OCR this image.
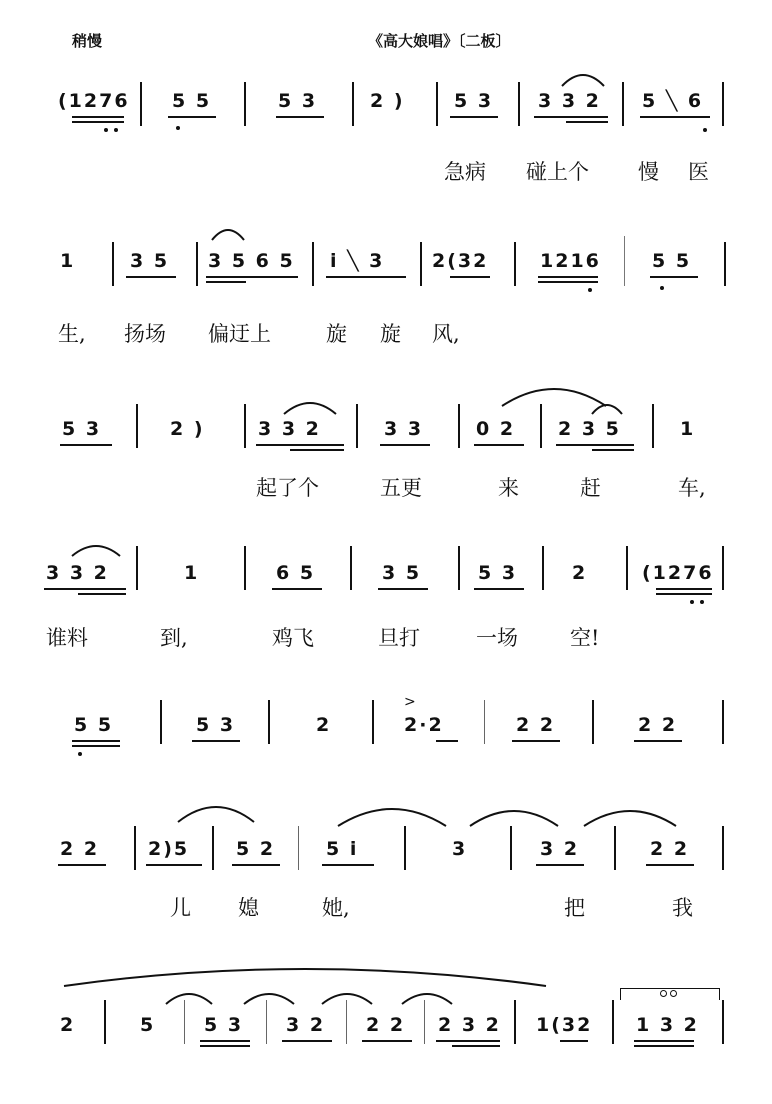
稍慢	《高大娘唱》〔二板〕
(1276 5 5	5 3	2 )	5 3 3 3 2 5 ╲ 6
急病 碰上个 慢 医
1	3 5 3 5 6 5 i ╲ 3	2(32	1216	5 5
生, 扬场 偏迂上	旋 旋 风,
5 3	2 )	3 3 2	3 3	0 2 2 3 5	1
起了个	五更	来	赶	车,
3 3 2	1	6 5	3 5	5 3	2	(1276
谁料	到,	鸡飞	旦打	一场 空!
5 5	5 3	2
>
2·2	2 2	2 2
2 2	2)5 5 2	5 i	3	3 2	2 2
儿 媳	她,	把	我
2	5	5 3 3 2 2 2 2 3 2 1(32 1 3 2
